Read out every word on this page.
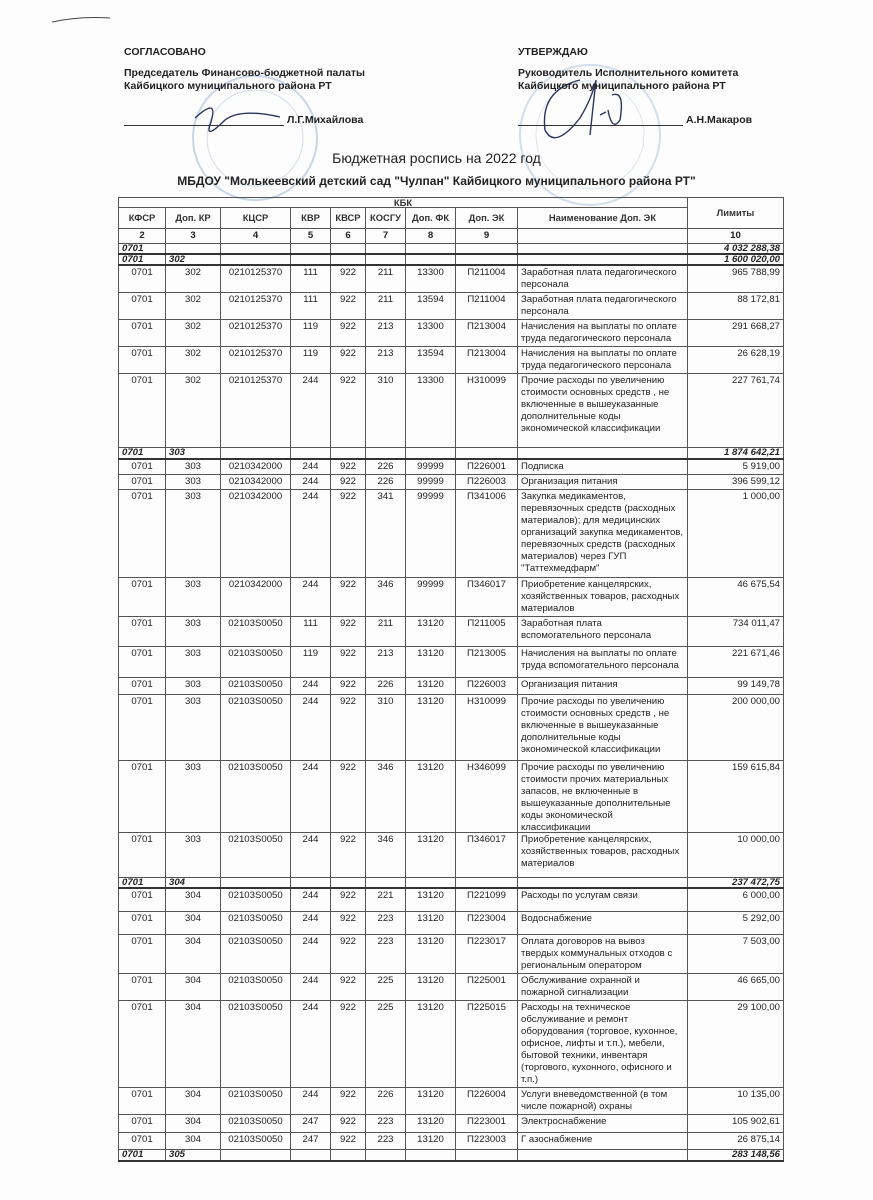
СОГЛАСОВАНО
Председатель Финансово-бюджетной палаты
Кайбицкого муниципального района РТ
Л.Г.Михайлова
УТВЕРЖДАЮ
Руководитель Исполнительного комитета
Кайбицкого муниципального района РТ
А.Н.Макаров
Бюджетная роспись на 2022 год
МБДОУ "Молькеевский детский сад "Чулпан" Кайбицкого муниципального района РТ"
КБК									Лимиты
КФСР	Доп. КР	КЦСР	КВР	КВСР	КОСГУ	Доп. ФК	Доп. ЭК	Наименование Доп. ЭК	
2	3	4	5	6	7	8	9		10

0701									4 032 288,38

0701	302								1 600 020,00

0701	302	0210125370	111	922	211	13300	П211004	Заработная плата педагогического персонала	965 788,99

0701	302	0210125370	111	922	211	13594	П211004	Заработная плата педагогического персонала	88 172,81

0701	302	0210125370	119	922	213	13300	П213004	Начисления на выплаты по оплате труда педагогического персонала	291 668,27

0701	302	0210125370	119	922	213	13594	П213004	Начисления на выплаты по оплате труда педагогического персонала	26 628,19

0701	302	0210125370	244	922	310	13300	Н310099	Прочие расходы по увеличению стоимости основных средств , не включенные в вышеуказанные дополнительные коды экономической классификации	227 761,74

0701	303								1 874 642,21

0701	303	0210342000	244	922	226	99999	П226001	Подписка	5 919,00

0701	303	0210342000	244	922	226	99999	П226003	Организация питания	396 599,12

0701	303	0210342000	244	922	341	99999	П341006	Закупка медикаментов, перевязочных средств (расходных материалов); для медицинских организаций закупка медикаментов, перевязочных средств (расходных материалов) через ГУП "Таттехмедфарм"	1 000,00

0701	303	0210342000	244	922	346	99999	П346017	Приобретение канцелярских, хозяйственных товаров, расходных материалов	46 675,54

0701	303	02103S0050	111	922	211	13120	П211005	Заработная плата вспомогательного персонала	734 011,47

0701	303	02103S0050	119	922	213	13120	П213005	Начисления на выплаты по оплате труда вспомогательного персонала	221 671,46

0701	303	02103S0050	244	922	226	13120	П226003	Организация питания	99 149,78

0701	303	02103S0050	244	922	310	13120	Н310099	Прочие расходы по увеличению стоимости основных средств , не включенные в вышеуказанные дополнительные коды экономической классификации	200 000,00

0701	303	02103S0050	244	922	346	13120	Н346099	Прочие расходы по увеличению стоимости прочих материальных запасов, не включенные в вышеуказанные дополнительные коды экономической классификации	159 615,84

0701	303	02103S0050	244	922	346	13120	П346017	Приобретение канцелярских, хозяйственных товаров, расходных материалов	10 000,00

0701	304								237 472,75

0701	304	02103S0050	244	922	221	13120	П221099	Расходы по услугам связи	6 000,00

0701	304	02103S0050	244	922	223	13120	П223004	Водоснабжение	5 292,00

0701	304	02103S0050	244	922	223	13120	П223017	Оплата договоров на вывоз твердых коммунальных отходов с региональным оператором	7 503,00

0701	304	02103S0050	244	922	225	13120	П225001	Обслуживание охранной и пожарной сигнализации	46 665,00

0701	304	02103S0050	244	922	225	13120	П225015	Расходы на техническое обслуживание и ремонт оборудования (торговое, кухонное, офисное, лифты и т.п.), мебели, бытовой техники, инвентаря (торгового, кухонного, офисного и т.п.)	29 100,00

0701	304	02103S0050	244	922	226	13120	П226004	Услуги вневедомственной (в том числе пожарной) охраны	10 135,00

0701	304	02103S0050	247	922	223	13120	П223001	Электроснабжение	105 902,61

0701	304	02103S0050	247	922	223	13120	П223003	Г азоснабжение	26 875,14

0701	305								283 148,56
